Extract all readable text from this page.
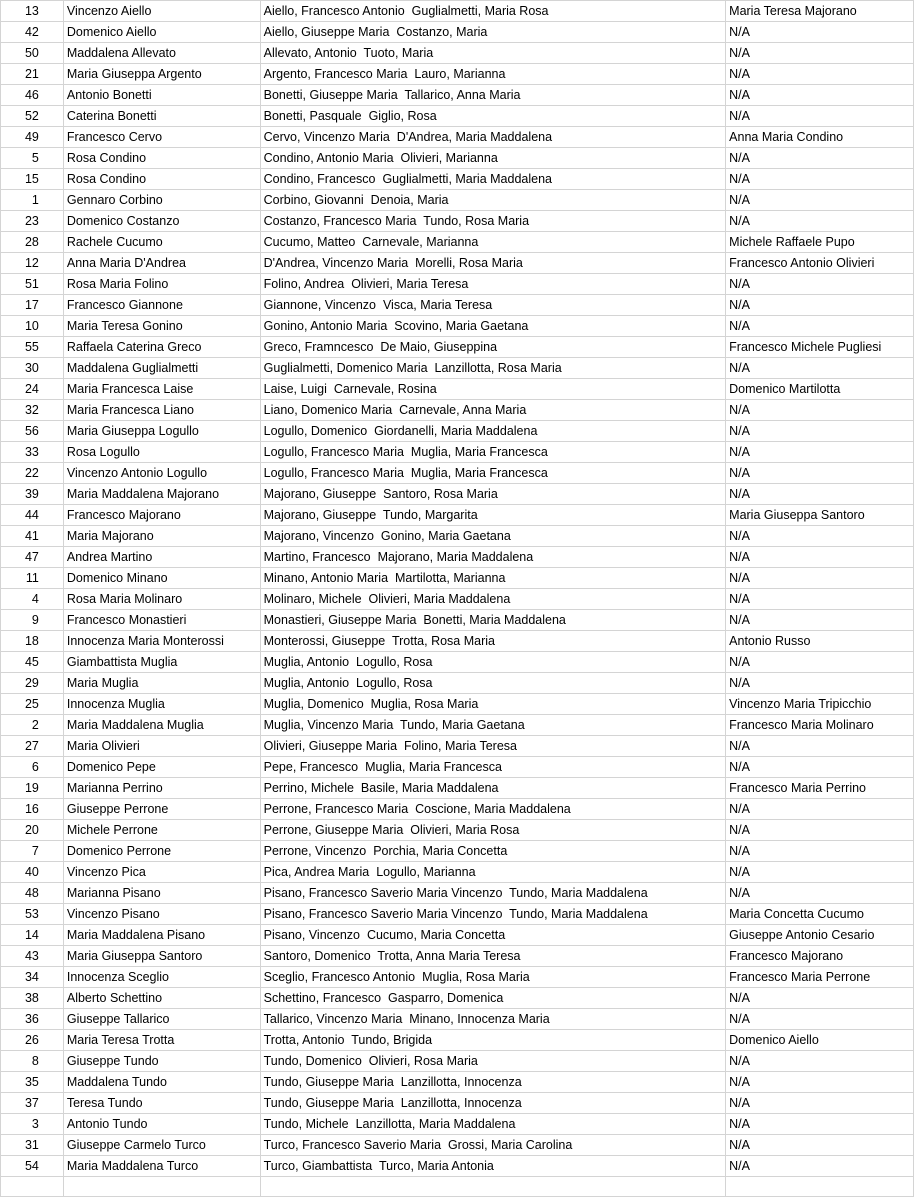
13	Vincenzo Aiello	Aiello, Francesco Antonio  Guglialmetti, Maria Rosa	Maria Teresa Majorano
42	Domenico Aiello	Aiello, Giuseppe Maria  Costanzo, Maria	N/A
50	Maddalena Allevato	Allevato, Antonio  Tuoto, Maria	N/A
21	Maria Giuseppa Argento	Argento, Francesco Maria  Lauro, Marianna	N/A
46	Antonio Bonetti	Bonetti, Giuseppe Maria  Tallarico, Anna Maria	N/A
52	Caterina Bonetti	Bonetti, Pasquale  Giglio, Rosa	N/A
49	Francesco Cervo	Cervo, Vincenzo Maria  D'Andrea, Maria Maddalena	Anna Maria Condino
5	Rosa Condino	Condino, Antonio Maria  Olivieri, Marianna	N/A
15	Rosa Condino	Condino, Francesco  Guglialmetti, Maria Maddalena	N/A
1	Gennaro Corbino	Corbino, Giovanni  Denoia, Maria	N/A
23	Domenico Costanzo	Costanzo, Francesco Maria  Tundo, Rosa Maria	N/A
28	Rachele Cucumo	Cucumo, Matteo  Carnevale, Marianna	Michele Raffaele Pupo
12	Anna Maria D'Andrea	D'Andrea, Vincenzo Maria  Morelli, Rosa Maria	Francesco Antonio Olivieri
51	Rosa Maria Folino	Folino, Andrea  Olivieri, Maria Teresa	N/A
17	Francesco Giannone	Giannone, Vincenzo  Visca, Maria Teresa	N/A
10	Maria Teresa Gonino	Gonino, Antonio Maria  Scovino, Maria Gaetana	N/A
55	Raffaela Caterina Greco	Greco, Framncesco  De Maio, Giuseppina	Francesco Michele Pugliesi
30	Maddalena Guglialmetti	Guglialmetti, Domenico Maria  Lanzillotta, Rosa Maria	N/A
24	Maria Francesca Laise	Laise, Luigi  Carnevale, Rosina	Domenico Martilotta
32	Maria Francesca Liano	Liano, Domenico Maria  Carnevale, Anna Maria	N/A
56	Maria Giuseppa Logullo	Logullo, Domenico  Giordanelli, Maria Maddalena	N/A
33	Rosa Logullo	Logullo, Francesco Maria  Muglia, Maria Francesca	N/A
22	Vincenzo Antonio Logullo	Logullo, Francesco Maria  Muglia, Maria Francesca	N/A
39	Maria Maddalena Majorano	Majorano, Giuseppe  Santoro, Rosa Maria	N/A
44	Francesco Majorano	Majorano, Giuseppe  Tundo, Margarita	Maria Giuseppa Santoro
41	Maria Majorano	Majorano, Vincenzo  Gonino, Maria Gaetana	N/A
47	Andrea Martino	Martino, Francesco  Majorano, Maria Maddalena	N/A
11	Domenico Minano	Minano, Antonio Maria  Martilotta, Marianna	N/A
4	Rosa Maria Molinaro	Molinaro, Michele  Olivieri, Maria Maddalena	N/A
9	Francesco Monastieri	Monastieri, Giuseppe Maria  Bonetti, Maria Maddalena	N/A
18	Innocenza Maria Monterossi	Monterossi, Giuseppe  Trotta, Rosa Maria	Antonio Russo
45	Giambattista Muglia	Muglia, Antonio  Logullo, Rosa	N/A
29	Maria Muglia	Muglia, Antonio  Logullo, Rosa	N/A
25	Innocenza Muglia	Muglia, Domenico  Muglia, Rosa Maria	Vincenzo Maria Tripicchio
2	Maria Maddalena Muglia	Muglia, Vincenzo Maria  Tundo, Maria Gaetana	Francesco Maria Molinaro
27	Maria Olivieri	Olivieri, Giuseppe Maria  Folino, Maria Teresa	N/A
6	Domenico Pepe	Pepe, Francesco  Muglia, Maria Francesca	N/A
19	Marianna Perrino	Perrino, Michele  Basile, Maria Maddalena	Francesco Maria Perrino
16	Giuseppe Perrone	Perrone, Francesco Maria  Coscione, Maria Maddalena	N/A
20	Michele Perrone	Perrone, Giuseppe Maria  Olivieri, Maria Rosa	N/A
7	Domenico Perrone	Perrone, Vincenzo  Porchia, Maria Concetta	N/A
40	Vincenzo Pica	Pica, Andrea Maria  Logullo, Marianna	N/A
48	Marianna Pisano	Pisano, Francesco Saverio Maria Vincenzo  Tundo, Maria Maddalena	N/A
53	Vincenzo Pisano	Pisano, Francesco Saverio Maria Vincenzo  Tundo, Maria Maddalena	Maria Concetta Cucumo
14	Maria Maddalena Pisano	Pisano, Vincenzo  Cucumo, Maria Concetta	Giuseppe Antonio Cesario
43	Maria Giuseppa Santoro	Santoro, Domenico  Trotta, Anna Maria Teresa	Francesco Majorano
34	Innocenza Sceglio	Sceglio, Francesco Antonio  Muglia, Rosa Maria	Francesco Maria Perrone
38	Alberto Schettino	Schettino, Francesco  Gasparro, Domenica	N/A
36	Giuseppe Tallarico	Tallarico, Vincenzo Maria  Minano, Innocenza Maria	N/A
26	Maria Teresa Trotta	Trotta, Antonio  Tundo, Brigida	Domenico Aiello
8	Giuseppe Tundo	Tundo, Domenico  Olivieri, Rosa Maria	N/A
35	Maddalena Tundo	Tundo, Giuseppe Maria  Lanzillotta, Innocenza	N/A
37	Teresa Tundo	Tundo, Giuseppe Maria  Lanzillotta, Innocenza	N/A
3	Antonio Tundo	Tundo, Michele  Lanzillotta, Maria Maddalena	N/A
31	Giuseppe Carmelo Turco	Turco, Francesco Saverio Maria  Grossi, Maria Carolina	N/A
54	Maria Maddalena Turco	Turco, Giambattista  Turco, Maria Antonia	N/A
